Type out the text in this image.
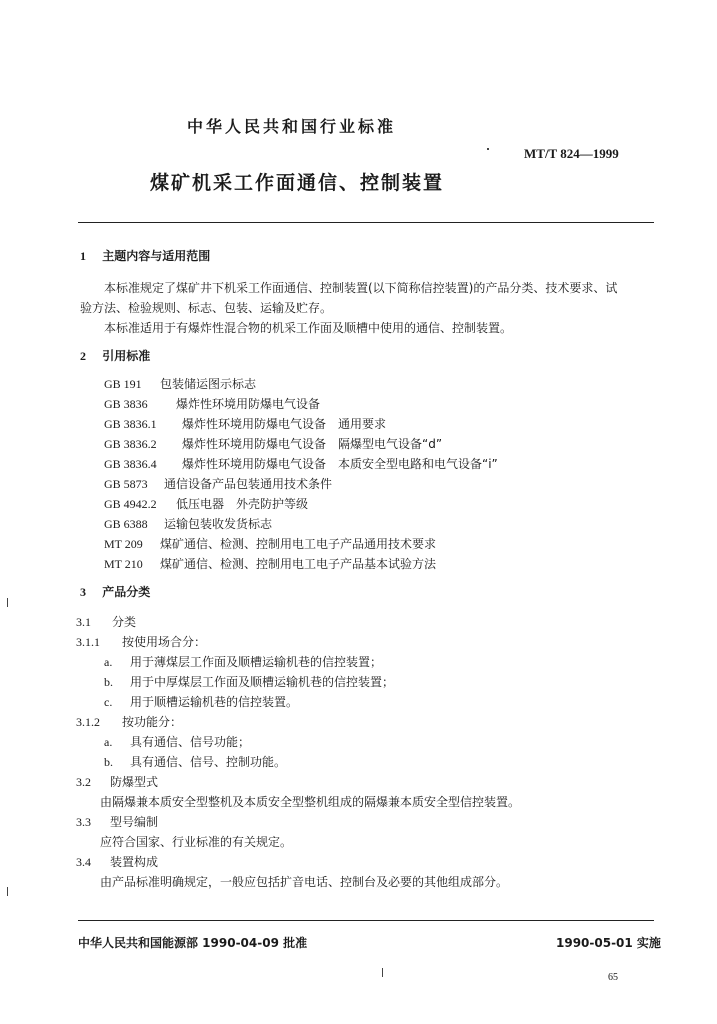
中华人民共和国行业标准
MT/T 824—1999
煤矿机采工作面通信、控制装置
1 主题内容与适用范围
本标准规定了煤矿井下机采工作面通信、控制装置(以下简称信控装置)的产品分类、技术要求、试
验方法、检验规则、标志、包装、运输及贮存。
本标准适用于有爆炸性混合物的机采工作面及顺槽中使用的通信、控制装置。
2 引用标准
GB 191 包装储运图示标志
GB 3836 爆炸性环境用防爆电气设备
GB 3836.1 爆炸性环境用防爆电气设备　通用要求
GB 3836.2 爆炸性环境用防爆电气设备　隔爆型电气设备“d”
GB 3836.4 爆炸性环境用防爆电气设备　本质安全型电路和电气设备“i”
GB 5873 通信设备产品包装通用技术条件
GB 4942.2 低压电器　外壳防护等级
GB 6388 运输包装收发货标志
MT 209 煤矿通信、检测、控制用电工电子产品通用技术要求
MT 210 煤矿通信、检测、控制用电工电子产品基本试验方法
3 产品分类
3.1 分类
3.1.1 按使用场合分：
a. 用于薄煤层工作面及顺槽运输机巷的信控装置；
b. 用于中厚煤层工作面及顺槽运输机巷的信控装置；
c. 用于顺槽运输机巷的信控装置。
3.1.2 按功能分：
a. 具有通信、信号功能；
b. 具有通信、信号、控制功能。
3.2 防爆型式
由隔爆兼本质安全型整机及本质安全型整机组成的隔爆兼本质安全型信控装置。
3.3 型号编制
应符合国家、行业标准的有关规定。
3.4 装置构成
由产品标准明确规定，一般应包括扩音电话、控制台及必要的其他组成部分。
中华人民共和国能源部 1990-04-09 批准	1990-05-01 实施
65
